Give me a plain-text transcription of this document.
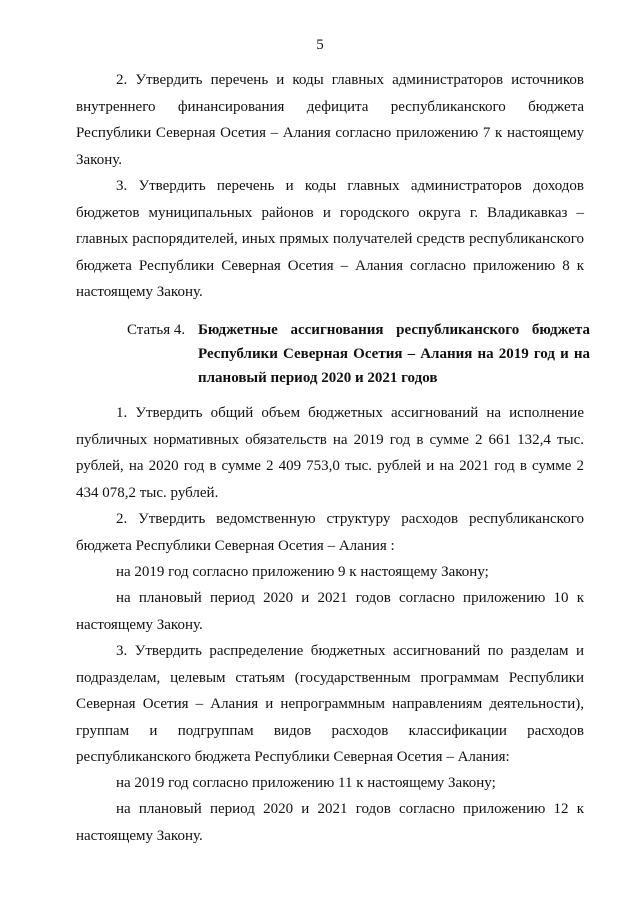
5

2. Утвердить перечень и коды главных администраторов источников внутреннего финансирования дефицита республиканского бюджета Республики Северная Осетия – Алания согласно приложению 7 к настоящему Закону.

3. Утвердить перечень и коды главных администраторов доходов бюджетов муниципальных районов и городского округа г. Владикавказ – главных распорядителей, иных прямых получателей средств республиканского бюджета Республики Северная Осетия – Алания согласно приложению 8 к настоящему Закону.

Статья 4. Бюджетные ассигнования республиканского бюджета Республики Северная Осетия – Алания на 2019 год и на плановый период 2020 и 2021 годов

1. Утвердить общий объем бюджетных ассигнований на исполнение публичных нормативных обязательств на 2019 год в сумме 2 661 132,4 тыс. рублей, на 2020 год в сумме 2 409 753,0 тыс. рублей и на 2021 год в сумме 2 434 078,2 тыс. рублей.

2. Утвердить ведомственную структуру расходов республиканского бюджета Республики Северная Осетия – Алания :

на 2019 год согласно приложению 9 к настоящему Закону;

на плановый период 2020 и 2021 годов согласно приложению 10 к настоящему Закону.

3. Утвердить распределение бюджетных ассигнований по разделам и подразделам, целевым статьям (государственным программам Республики Северная Осетия – Алания и непрограммным направлениям деятельности), группам и подгруппам видов расходов классификации расходов республиканского бюджета Республики Северная Осетия – Алания:

на 2019 год согласно приложению 11 к настоящему Закону;

на плановый период 2020 и 2021 годов согласно приложению 12 к настоящему Закону.
